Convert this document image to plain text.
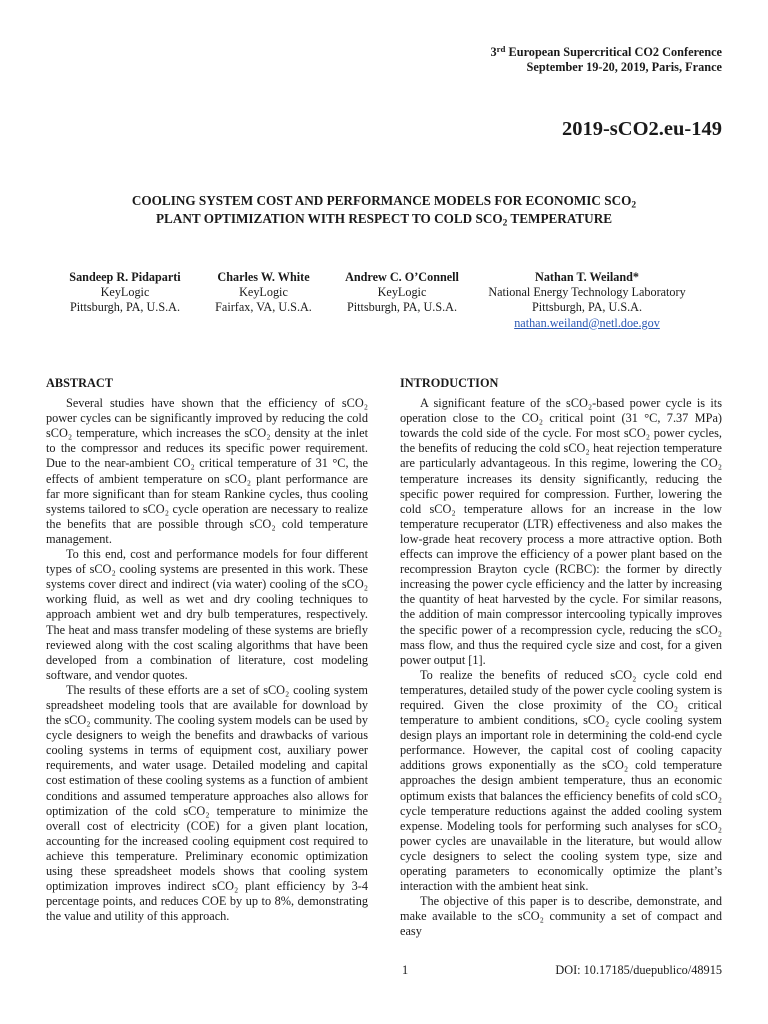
3rd European Supercritical CO2 Conference
September 19-20, 2019, Paris, France
2019-sCO2.eu-149
COOLING SYSTEM COST AND PERFORMANCE MODELS FOR ECONOMIC $SCO_2$
PLANT OPTIMIZATION WITH RESPECT TO COLD $SCO_2$ TEMPERATURE
Sandeep R. Pidaparti
KeyLogic
Pittsburgh, PA, U.S.A.
Charles W. White
KeyLogic
Fairfax, VA, U.S.A.
Andrew C. O’Connell
KeyLogic
Pittsburgh, PA, U.S.A.
Nathan T. Weiland*
National Energy Technology Laboratory
Pittsburgh, PA, U.S.A.
nathan.weiland@netl.doe.gov
ABSTRACT

Several studies have shown that the efficiency of sCO₂ power cycles can be significantly improved by reducing the cold sCO₂ temperature, which increases the sCO₂ density at the inlet to the compressor and reduces its specific power requirement. Due to the near-ambient CO₂ critical temperature of 31 °C, the effects of ambient temperature on sCO₂ plant performance are far more significant than for steam Rankine cycles, thus cooling systems tailored to sCO₂ cycle operation are necessary to realize the benefits that are possible through sCO₂ cold temperature management.

To this end, cost and performance models for four different types of sCO₂ cooling systems are presented in this work. These systems cover direct and indirect (via water) cooling of the sCO₂ working fluid, as well as wet and dry cooling techniques to approach ambient wet and dry bulb temperatures, respectively. The heat and mass transfer modeling of these systems are briefly reviewed along with the cost scaling algorithms that have been developed from a combination of literature, cost modeling software, and vendor quotes.

The results of these efforts are a set of sCO₂ cooling system spreadsheet modeling tools that are available for download by the sCO₂ community. The cooling system models can be used by cycle designers to weigh the benefits and drawbacks of various cooling systems in terms of equipment cost, auxiliary power requirements, and water usage. Detailed modeling and capital cost estimation of these cooling systems as a function of ambient conditions and assumed temperature approaches also allows for optimization of the cold sCO₂ temperature to minimize the overall cost of electricity (COE) for a given plant location, accounting for the increased cooling equipment cost required to achieve this temperature. Preliminary economic optimization using these spreadsheet models shows that cooling system optimization improves indirect sCO₂ plant efficiency by 3-4 percentage points, and reduces COE by up to 8%, demonstrating the value and utility of this approach.

INTRODUCTION

A significant feature of the sCO₂-based power cycle is its operation close to the CO₂ critical point (31 °C, 7.37 MPa) towards the cold side of the cycle. For most sCO₂ power cycles, the benefits of reducing the cold sCO₂ heat rejection temperature are particularly advantageous. In this regime, lowering the CO₂ temperature increases its density significantly, reducing the specific power required for compression. Further, lowering the cold sCO₂ temperature allows for an increase in the low temperature recuperator (LTR) effectiveness and also makes the low-grade heat recovery process a more attractive option. Both effects can improve the efficiency of a power plant based on the recompression Brayton cycle (RCBC): the former by directly increasing the power cycle efficiency and the latter by increasing the quantity of heat harvested by the cycle. For similar reasons, the addition of main compressor intercooling typically improves the specific power of a recompression cycle, reducing the sCO₂ mass flow, and thus the required cycle size and cost, for a given power output [1].

To realize the benefits of reduced sCO₂ cycle cold end temperatures, detailed study of the power cycle cooling system is required. Given the close proximity of the CO₂ critical temperature to ambient conditions, sCO₂ cycle cooling system design plays an important role in determining the cold-end cycle performance. However, the capital cost of cooling capacity additions grows exponentially as the sCO₂ cold temperature approaches the design ambient temperature, thus an economic optimum exists that balances the efficiency benefits of cold sCO₂ cycle temperature reductions against the added cooling system expense. Modeling tools for performing such analyses for sCO₂ power cycles are unavailable in the literature, but would allow cycle designers to select the cooling system type, size and operating parameters to economically optimize the plant’s interaction with the ambient heat sink.

The objective of this paper is to describe, demonstrate, and make available to the sCO₂ community a set of compact and easy

1	DOI: 10.17185/duepublico/48915
